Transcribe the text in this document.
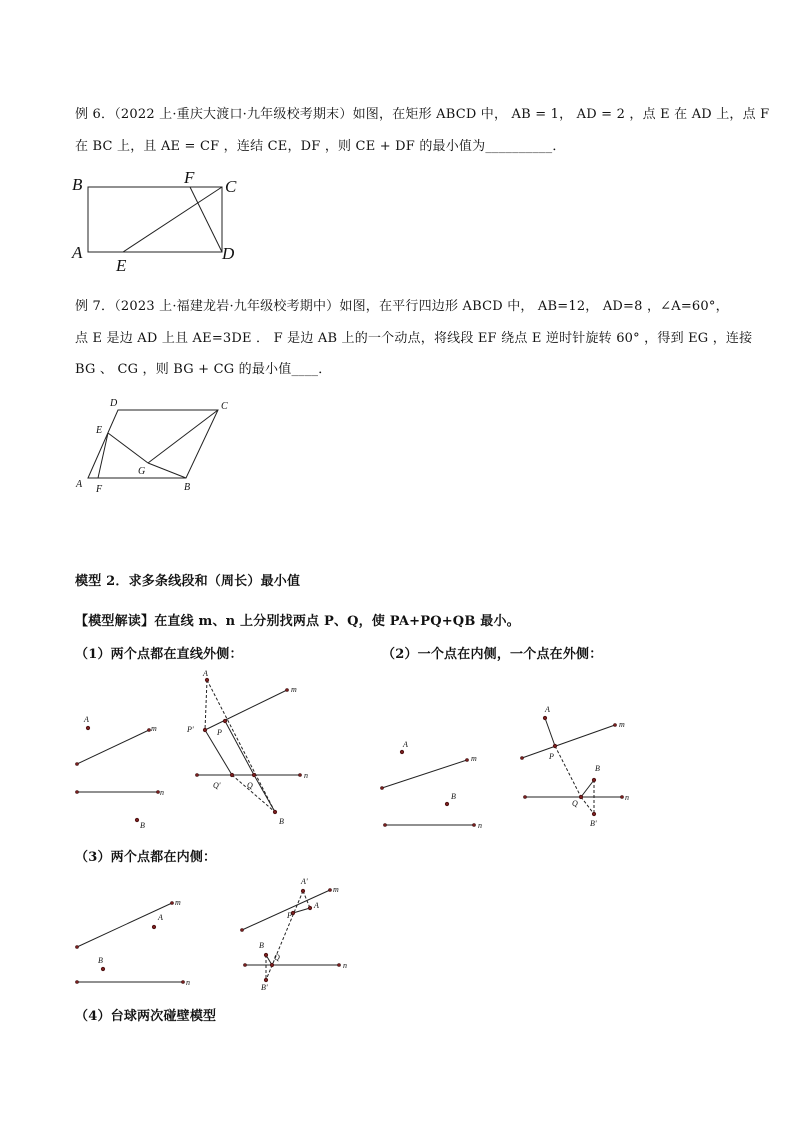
例 6．（2022 上·重庆大渡口·九年级校考期末）如图，在矩形 ABCD 中， AB = 1， AD = 2 ，点 E 在 AD 上，点 F
在 BC 上，且 AE = CF ，连结 CE，DF ，则 CE + DF 的最小值为__________．
B	F C
A
E
D
例 7．（2023 上·福建龙岩·九年级校考期中）如图，在平行四边形 ABCD 中， AB=12， AD=8 ，∠A=60°，
点 E 是边 AD 上且 AE=3DE ． F 是边 AB 上的一个动点，将线段 EF 绕点 E 逆时针旋转 60° ，得到 EG ，连接
BG 、 CG ，则 BG + CG 的最小值____．
D	C
E
G
A F	B
模型 2．求多条线段和（周长）最小值
【模型解读】在直线 m、n 上分别找两点 P、Q，使 PA+PQ+QB 最小。
（1）两个点都在直线外侧：	（2）一个点在内侧，一个点在外侧：
A
m
n
B
A
m
P'	P
Q'	Q
n
B
A
m
B
n
A
m
P
B
Q
n
B'
（3）两个点都在内侧：
m
A
B
n
A'
m
A
P
B
Q
n
B'
（4）台球两次碰壁模型
